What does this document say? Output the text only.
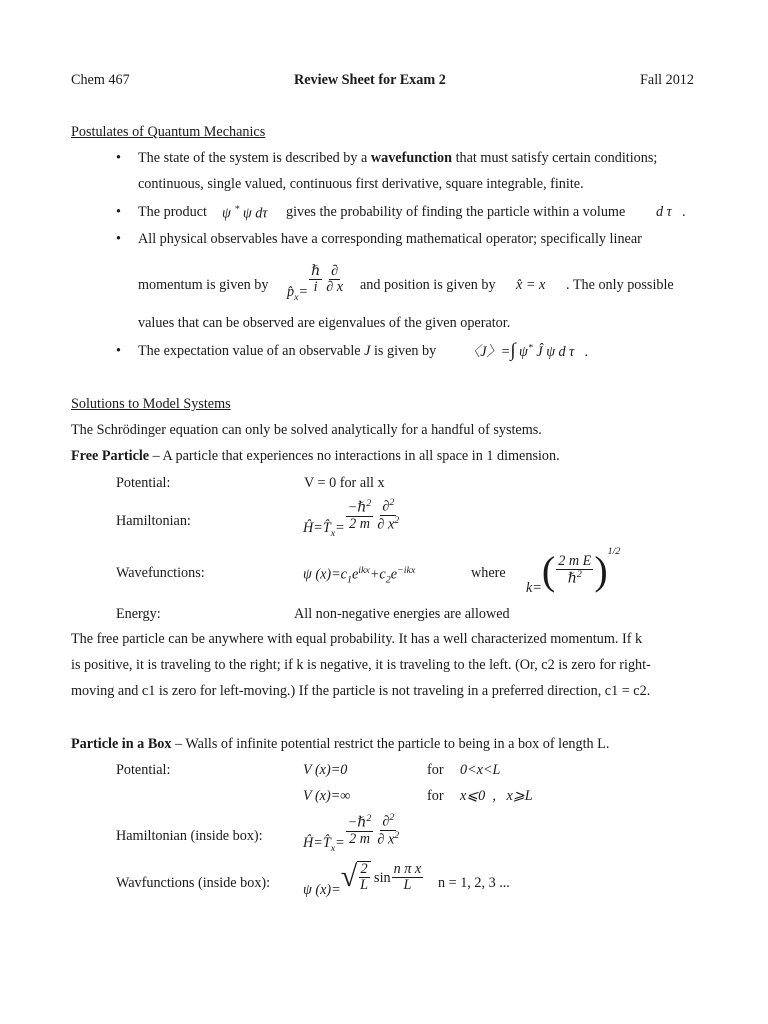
Chem 467	Review Sheet for Exam 2	Fall 2012
Postulates of Quantum Mechanics
• The state of the system is described by a wavefunction that must satisfy certain conditions;
continuous, single valued, continuous first derivative, square integrable, finite.
• The product ψ * ψ dτ gives the probability of finding the particle within a volume d τ   .
• All physical observables have a corresponding mathematical operator; specifically linear
momentum is given by $p̂_x= \frac{\text{ℏ}}{i} \frac{\partial}{\partial x}$ and position is given by x̂ = x . The only possible
values that can be observed are eigenvalues of the given operator.
• The expectation value of an observable J is given by 〈J〉=∫ ψ* Ĵ ψ d τ   .
Solutions to Model Systems
The Schrödinger equation can only be solved analytically for a handful of systems.
Free Particle – A particle that experiences no interactions in all space in 1 dimension.
Potential:	V = 0 for all x
Hamiltonian:	$Ĥ=T̂_x= \frac{-\hbar^2}{2 m} \frac{\partial^2}{\partial x^2}$
Wavefunctions:	ψ $(x)=c_1e^{ikx}+c_2e^{-ikx}$	where
$k=( \frac{\text{2 m E}}{\hbar^2} )^{1/2}$
Energy:	All non-negative energies are allowed
The free particle can be anywhere with equal probability. It has a well characterized momentum. If k
is positive, it is traveling to the right; if k is negative, it is traveling to the left. (Or, c2 is zero for right-
moving and c1 is zero for left-moving.) If the particle is not traveling in a preferred direction, c1 = c2.
Particle in a Box – Walls of infinite potential restrict the particle to being in a box of length L.
Potential:	V (x)=0	for 0<x<L
V (x)=∞	for x⩽0  ,   x⩾L
Hamiltonian (inside box):	$Ĥ=T̂_x= \frac{-\hbar^2}{2 m} \frac{\partial^2}{\partial x^2}$
Wavfunctions (inside box): ψ $(x)=√ \frac{2}{L}$ $\sin \frac{\text{n π x}}{L}$ n = 1, 2, 3 ...
